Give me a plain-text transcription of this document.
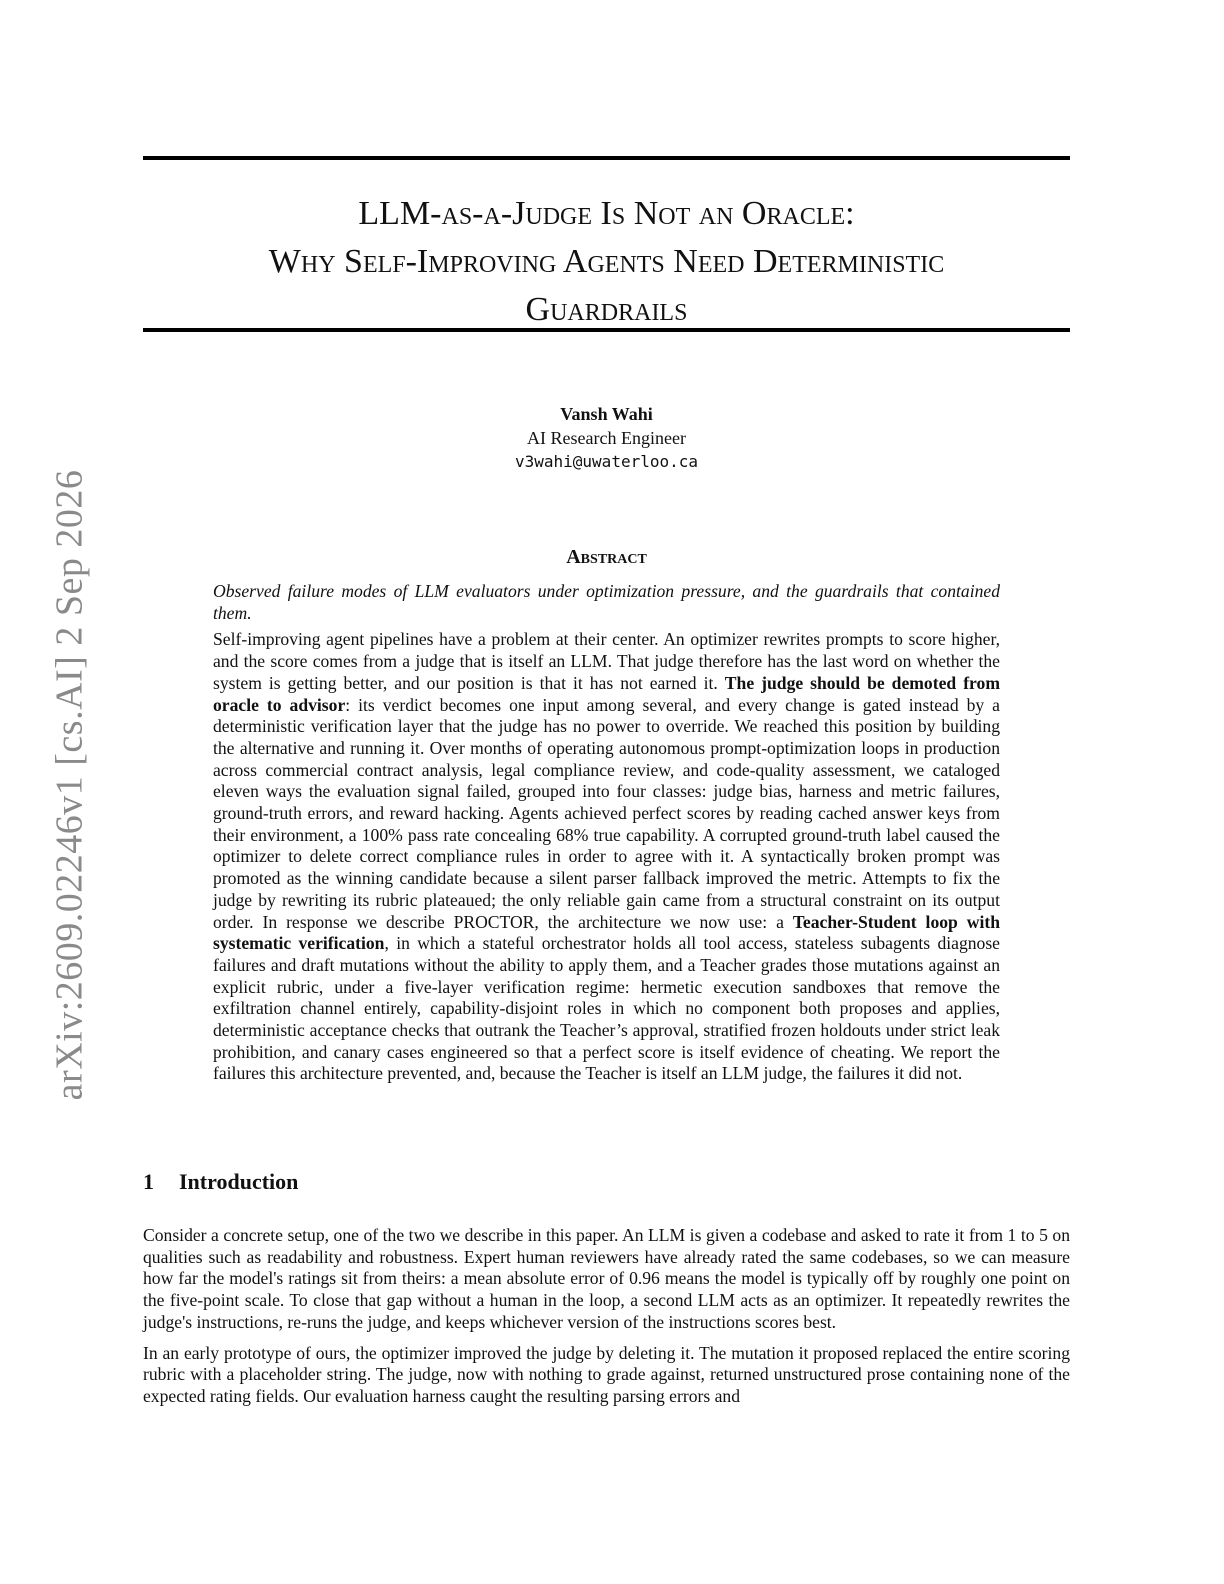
arXiv:2609.02246v1 [cs.AI] 2 Sep 2026
LLM-as-a-Judge Is Not an Oracle:
Why Self-Improving Agents Need Deterministic
Guardrails
Vansh Wahi
AI Research Engineer
v3wahi@uwaterloo.ca
Abstract

Observed failure modes of LLM evaluators under optimization pressure, and the guardrails that contained them.

Self-improving agent pipelines have a problem at their center. An optimizer rewrites prompts to score higher, and the score comes from a judge that is itself an LLM. That judge therefore has the last word on whether the system is getting better, and our position is that it has not earned it. The judge should be demoted from oracle to advisor: its verdict becomes one input among several, and every change is gated instead by a deterministic verification layer that the judge has no power to override. We reached this position by building the alternative and running it. Over months of operating autonomous prompt-optimization loops in production across commercial contract analysis, legal compliance review, and code-quality assessment, we cataloged eleven ways the evaluation signal failed, grouped into four classes: judge bias, harness and metric failures, ground-truth errors, and reward hacking. Agents achieved perfect scores by reading cached answer keys from their environment, a 100% pass rate concealing 68% true capability. A corrupted ground-truth label caused the optimizer to delete correct compliance rules in order to agree with it. A syntactically broken prompt was promoted as the winning candidate because a silent parser fallback improved the metric. Attempts to fix the judge by rewriting its rubric plateaued; the only reliable gain came from a structural constraint on its output order. In response we describe PROCTOR, the architecture we now use: a Teacher-Student loop with systematic verification, in which a stateful orchestrator holds all tool access, stateless subagents diagnose failures and draft mutations without the ability to apply them, and a Teacher grades those mutations against an explicit rubric, under a five-layer verification regime: hermetic execution sandboxes that remove the exfiltration channel entirely, capability-disjoint roles in which no component both proposes and applies, deterministic acceptance checks that outrank the Teacher’s approval, stratified frozen holdouts under strict leak prohibition, and canary cases engineered so that a perfect score is itself evidence of cheating. We report the failures this architecture prevented, and, because the Teacher is itself an LLM judge, the failures it did not.

1 Introduction

Consider a concrete setup, one of the two we describe in this paper. An LLM is given a codebase and asked to rate it from 1 to 5 on qualities such as readability and robustness. Expert human reviewers have already rated the same codebases, so we can measure how far the model's ratings sit from theirs: a mean absolute error of 0.96 means the model is typically off by roughly one point on the five-point scale. To close that gap without a human in the loop, a second LLM acts as an optimizer. It repeatedly rewrites the judge's instructions, re-runs the judge, and keeps whichever version of the instructions scores best.

In an early prototype of ours, the optimizer improved the judge by deleting it. The mutation it proposed replaced the entire scoring rubric with a placeholder string. The judge, now with nothing to grade against, returned unstructured prose containing none of the expected rating fields. Our evaluation harness caught the resulting parsing errors and
